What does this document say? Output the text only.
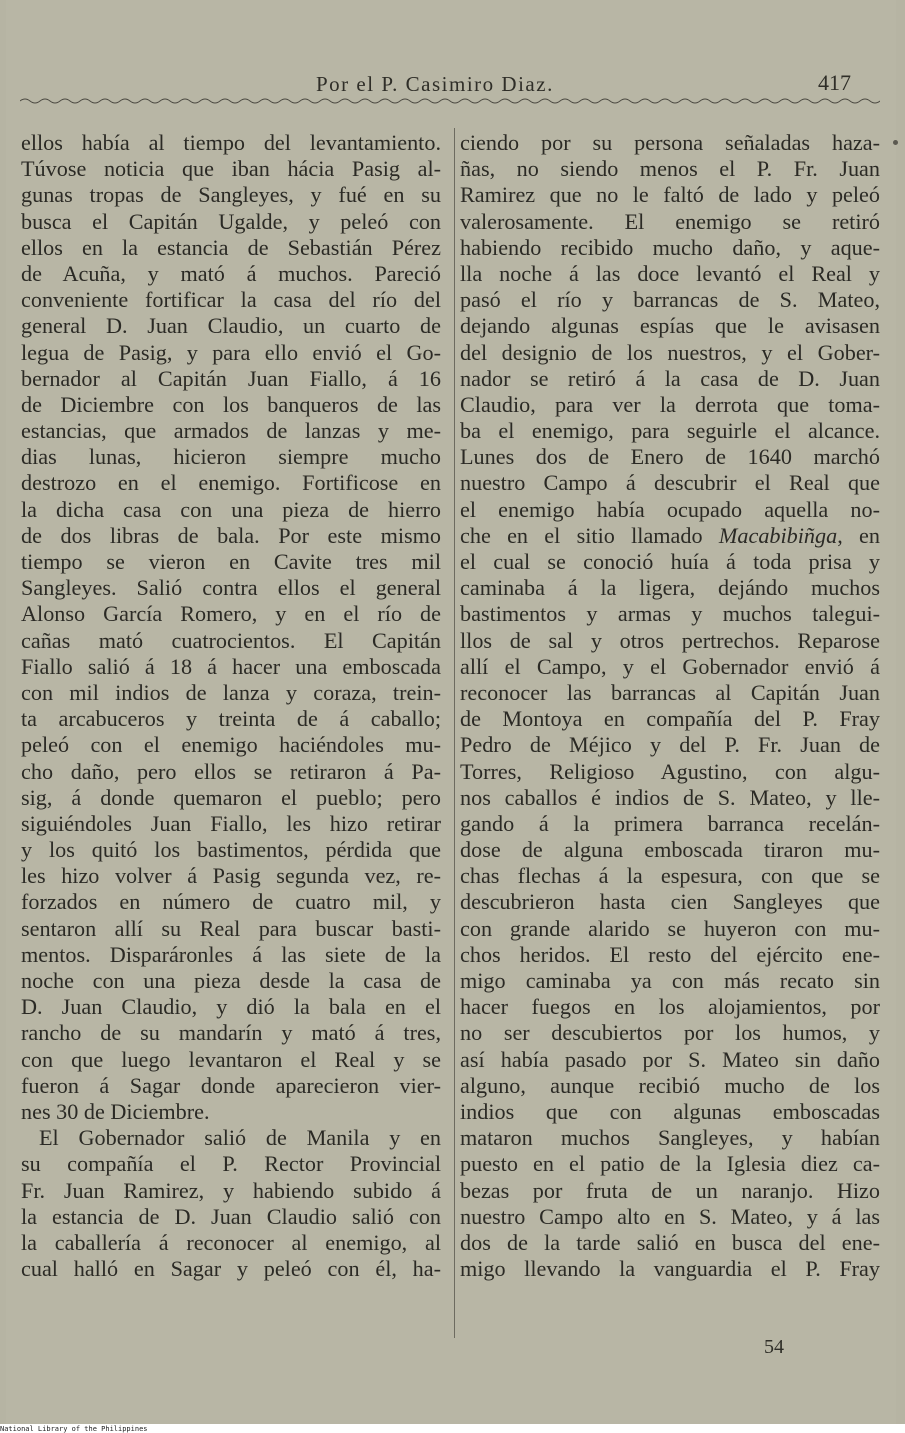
Por el P. Casimiro Diaz.	417
ellos había al tiempo del levantamiento.
Túvose noticia que iban hácia Pasig al-
gunas tropas de Sangleyes, y fué en su
busca el Capitán Ugalde, y peleó con
ellos en la estancia de Sebastián Pérez
de Acuña, y mató á muchos. Pareció
conveniente fortificar la casa del río del
general D. Juan Claudio, un cuarto de
legua de Pasig, y para ello envió el Go-
bernador al Capitán Juan Fiallo, á 16
de Diciembre con los banqueros de las
estancias, que armados de lanzas y me-
dias lunas, hicieron siempre mucho
destrozo en el enemigo. Fortificose en
la dicha casa con una pieza de hierro
de dos libras de bala. Por este mismo
tiempo se vieron en Cavite tres mil
Sangleyes. Salió contra ellos el general
Alonso García Romero, y en el río de
cañas mató cuatrocientos. El Capitán
Fiallo salió á 18 á hacer una emboscada
con mil indios de lanza y coraza, trein-
ta arcabuceros y treinta de á caballo;
peleó con el enemigo haciéndoles mu-
cho daño, pero ellos se retiraron á Pa-
sig, á donde quemaron el pueblo; pero
siguiéndoles Juan Fiallo, les hizo retirar
y los quitó los bastimentos, pérdida que
les hizo volver á Pasig segunda vez, re-
forzados en número de cuatro mil, y
sentaron allí su Real para buscar basti-
mentos. Disparáronles á las siete de la
noche con una pieza desde la casa de
D. Juan Claudio, y dió la bala en el
rancho de su mandarín y mató á tres,
con que luego levantaron el Real y se
fueron á Sagar donde aparecieron vier-
nes 30 de Diciembre.
El Gobernador salió de Manila y en
su compañía el P. Rector Provincial
Fr. Juan Ramirez, y habiendo subido á
la estancia de D. Juan Claudio salió con
la caballería á reconocer al enemigo, al
cual halló en Sagar y peleó con él, ha-
ciendo por su persona señaladas haza-
ñas, no siendo menos el P. Fr. Juan
Ramirez que no le faltó de lado y peleó
valerosamente. El enemigo se retiró
habiendo recibido mucho daño, y aque-
lla noche á las doce levantó el Real y
pasó el río y barrancas de S. Mateo,
dejando algunas espías que le avisasen
del designio de los nuestros, y el Gober-
nador se retiró á la casa de D. Juan
Claudio, para ver la derrota que toma-
ba el enemigo, para seguirle el alcance.
Lunes dos de Enero de 1640 marchó
nuestro Campo á descubrir el Real que
el enemigo había ocupado aquella no-
che en el sitio llamado Macabibiñga, en
el cual se conoció huía á toda prisa y
caminaba á la ligera, dejándo muchos
bastimentos y armas y muchos talegui-
llos de sal y otros pertrechos. Reparose
allí el Campo, y el Gobernador envió á
reconocer las barrancas al Capitán Juan
de Montoya en compañía del P. Fray
Pedro de Méjico y del P. Fr. Juan de
Torres, Religioso Agustino, con algu-
nos caballos é indios de S. Mateo, y lle-
gando á la primera barranca recelán-
dose de alguna emboscada tiraron mu-
chas flechas á la espesura, con que se
descubrieron hasta cien Sangleyes que
con grande alarido se huyeron con mu-
chos heridos. El resto del ejército ene-
migo caminaba ya con más recato sin
hacer fuegos en los alojamientos, por
no ser descubiertos por los humos, y
así había pasado por S. Mateo sin daño
alguno, aunque recibió mucho de los
indios que con algunas emboscadas
mataron muchos Sangleyes, y habían
puesto en el patio de la Iglesia diez ca-
bezas por fruta de un naranjo. Hizo
nuestro Campo alto en S. Mateo, y á las
dos de la tarde salió en busca del ene-
migo llevando la vanguardia el P. Fray
54
National Library of the Philippines
